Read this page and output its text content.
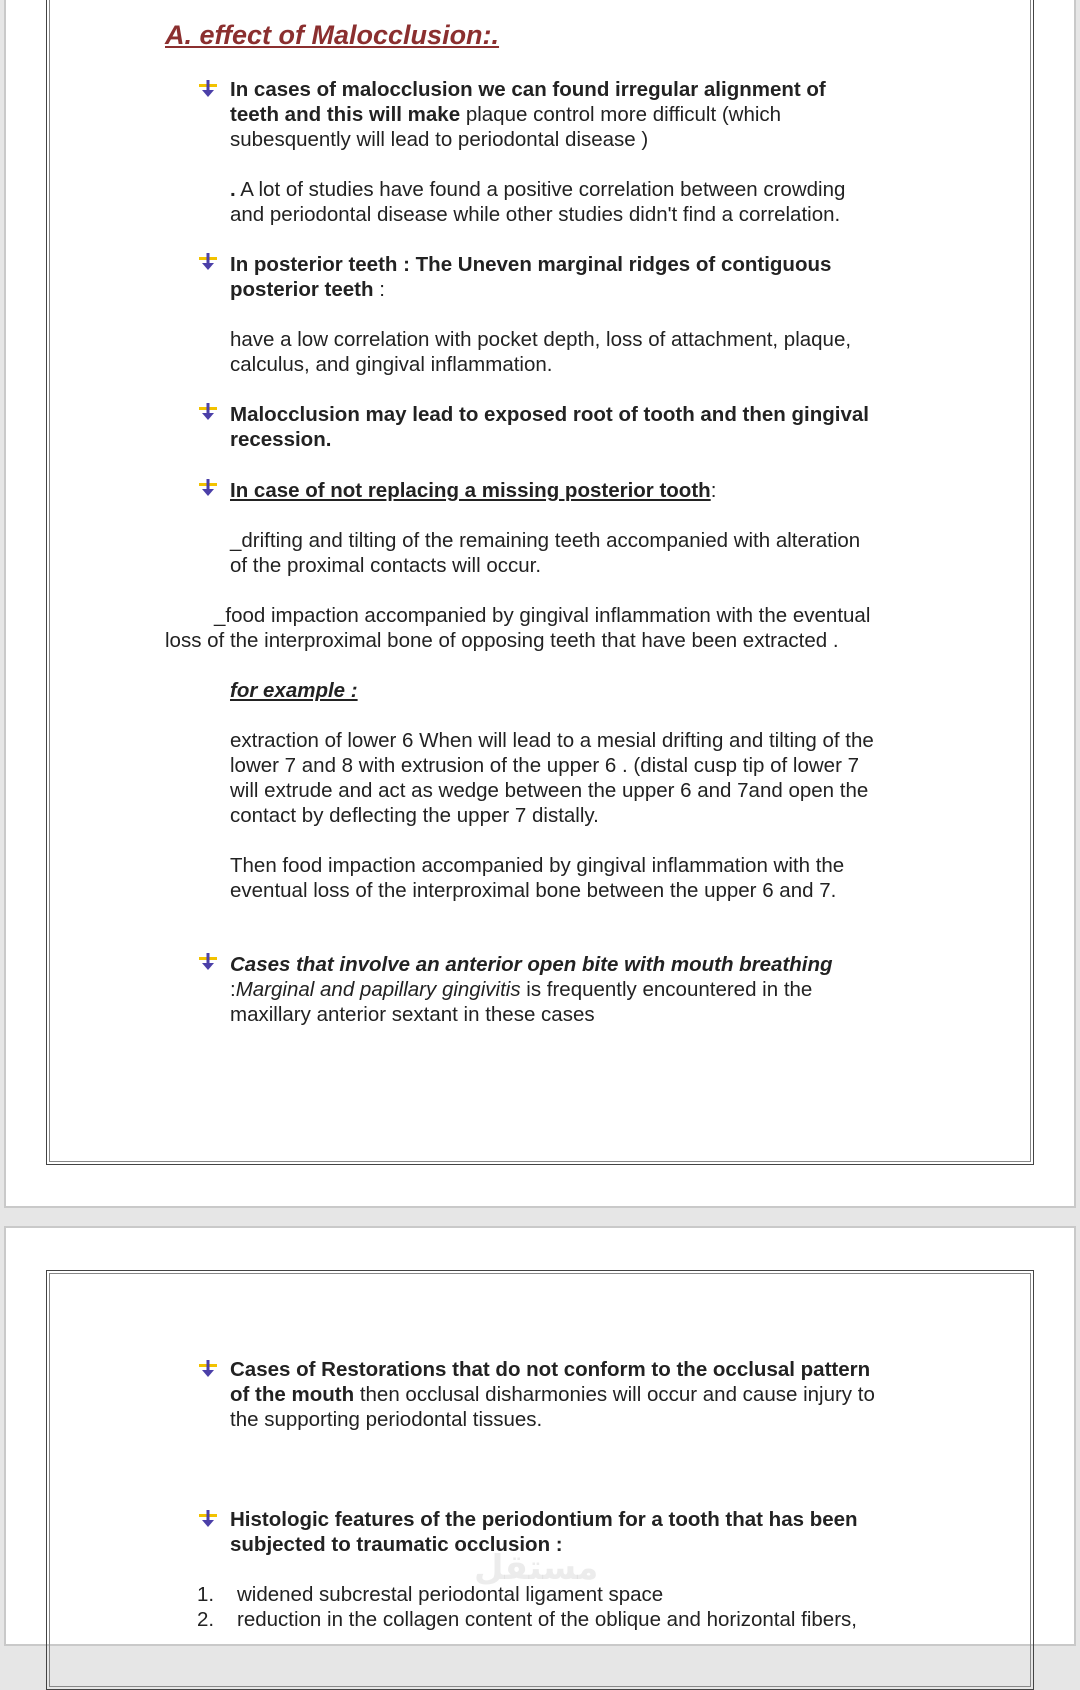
A. effect of Malocclusion:.

In cases of malocclusion we can found irregular alignment of

teeth and this will make plaque control more difficult (which

subesquently will lead to periodontal disease )

. A lot of studies have found a positive correlation between crowding

and periodontal disease while other studies didn't find a correlation.

In posterior teeth : The Uneven marginal ridges of contiguous

posterior teeth :

have a low correlation with pocket depth, loss of attachment, plaque,

calculus, and gingival inflammation.

Malocclusion may lead to exposed root of tooth and then gingival

recession.

In case of not replacing a missing posterior tooth:

_drifting and tilting of the remaining teeth accompanied with alteration

of the proximal contacts will occur.

_food impaction accompanied by gingival inflammation with the eventual

loss of the interproximal bone of opposing teeth that have been extracted .

for example :

extraction of lower 6 When will lead to a mesial drifting and tilting of the

lower 7 and 8 with extrusion of the upper 6 . (distal cusp tip of lower 7

will extrude and act as wedge between the upper 6 and 7and open the

contact by deflecting the upper 7 distally.

Then food impaction accompanied by gingival inflammation with the

eventual loss of the interproximal bone between the upper 6 and 7.

Cases that involve an anterior open bite with mouth breathing

:Marginal and papillary gingivitis is frequently encountered in the

maxillary anterior sextant in these cases

Cases of Restorations that do not conform to the occlusal pattern

of the mouth then occlusal disharmonies will occur and cause injury to

the supporting periodontal tissues.

Histologic features of the periodontium for a tooth that has been

subjected to traumatic occlusion :

مستقل
1. widened subcrestal periodontal ligament space

2. reduction in the collagen content of the oblique and horizontal fibers,
